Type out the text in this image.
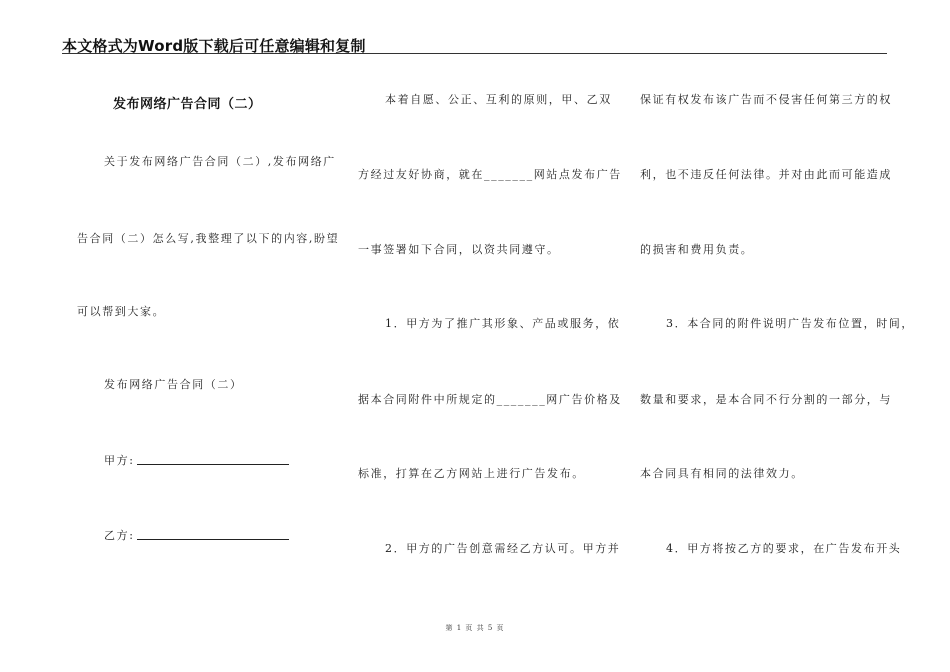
本文格式为Word版下载后可任意编辑和复制
发布网络广告合同（二）
关于发布网络广告合同（二）,发布网络广
告合同（二）怎么写,我整理了以下的内容,盼望
可以帮到大家。
发布网络广告合同（二）
甲方:
乙方:
本着自愿、公正、互利的原则，甲、乙双
方经过友好协商，就在_______网站点发布广告
一事签署如下合同，以资共同遵守。
1．甲方为了推广其形象、产品或服务，依
据本合同附件中所规定的_______网广告价格及
标准，打算在乙方网站上进行广告发布。
2．甲方的广告创意需经乙方认可。甲方并
保证有权发布该广告而不侵害任何第三方的权
利，也不违反任何法律。并对由此而可能造成
的损害和费用负责。
3．本合同的附件说明广告发布位置，时间，
数量和要求，是本合同不行分割的一部分，与
本合同具有相同的法律效力。
4．甲方将按乙方的要求，在广告发布开头
第 1 页 共 5 页
